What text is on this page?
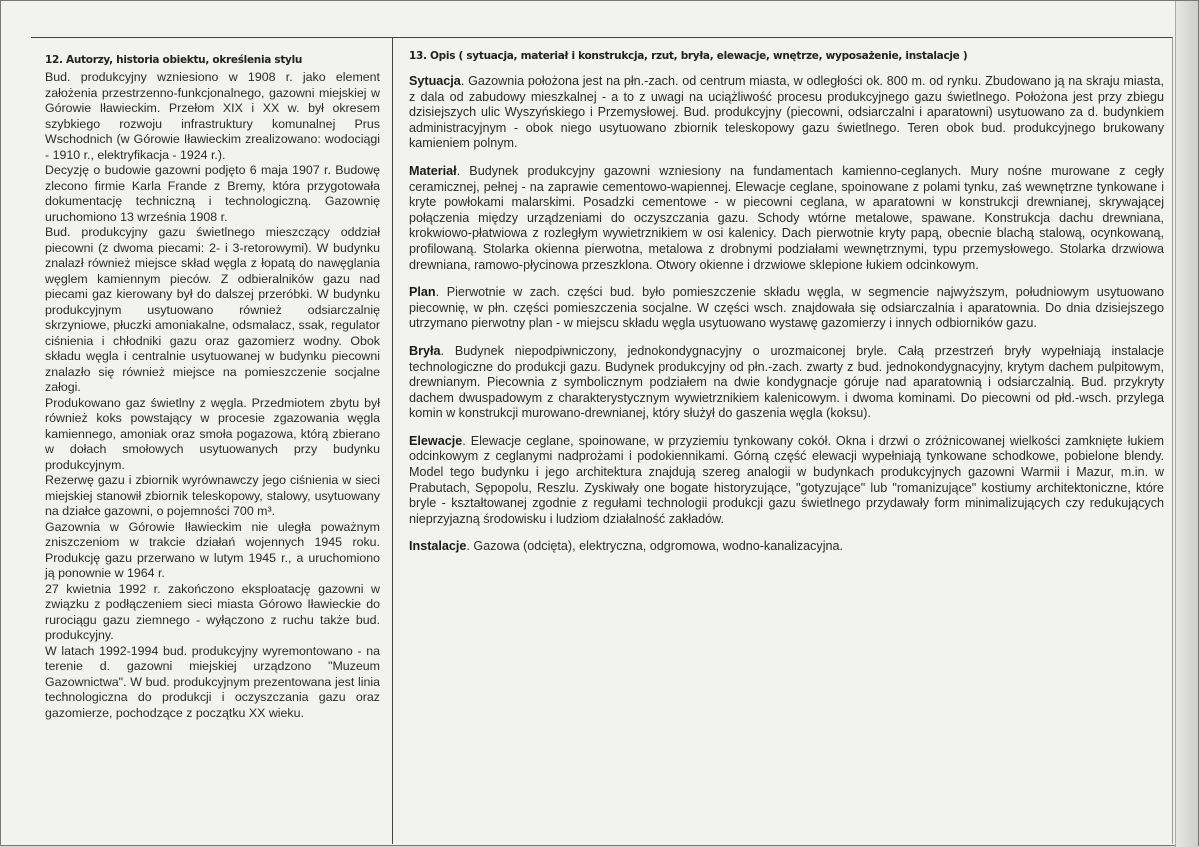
12. Autorzy, historia obiektu, określenia stylu

Bud. produkcyjny wzniesiono w 1908 r. jako element założenia przestrzenno-funkcjonalnego, gazowni miejskiej w Górowie Iławieckim. Przełom XIX i XX w. był okresem szybkiego rozwoju infrastruktury komunalnej Prus Wschodnich (w Górowie Iławieckim zrealizowano: wodociągi - 1910 r., elektryfikacja - 1924 r.).

Decyzję o budowie gazowni podjęto 6 maja 1907 r. Budowę zlecono firmie Karla Frande z Bremy, która przygotowała dokumentację techniczną i technologiczną. Gazownię uruchomiono 13 września 1908 r.

Bud. produkcyjny gazu świetlnego mieszczący oddział piecowni (z dwoma piecami: 2- i 3-retorowymi). W budynku znalazł również miejsce skład węgla z łopatą do nawęglania węglem kamiennym pieców. Z odbieralników gazu nad piecami gaz kierowany był do dalszej przeróbki. W budynku produkcyjnym usytuowano również odsiarczalnię skrzyniowe, płuczki amoniakalne, odsmalacz, ssak, regulator ciśnienia i chłodniki gazu oraz gazomierz wodny. Obok składu węgla i centralnie usytuowanej w budynku piecowni znalazło się również miejsce na pomieszczenie socjalne załogi.

Produkowano gaz świetlny z węgla. Przedmiotem zbytu był również koks powstający w procesie zgazowania węgla kamiennego, amoniak oraz smoła pogazowa, którą zbierano w dołach smołowych usytuowanych przy budynku produkcyjnym.

Rezerwę gazu i zbiornik wyrównawczy jego ciśnienia w sieci miejskiej stanowił zbiornik teleskopowy, stalowy, usytuowany na działce gazowni, o pojemności 700 m³.

Gazownia w Górowie Iławieckim nie uległa poważnym zniszczeniom w trakcie działań wojennych 1945 roku. Produkcję gazu przerwano w lutym 1945 r., a uruchomiono ją ponownie w 1964 r.

27 kwietnia 1992 r. zakończono eksploatację gazowni w związku z podłączeniem sieci miasta Górowo Iławieckie do rurociągu gazu ziemnego - wyłączono z ruchu także bud. produkcyjny.

W latach 1992-1994 bud. produkcyjny wyremontowano - na terenie d. gazowni miejskiej urządzono "Muzeum Gazownictwa". W bud. produkcyjnym prezentowana jest linia technologiczna do produkcji i oczyszczania gazu oraz gazomierze, pochodzące z początku XX wieku.

13. Opis ( sytuacja, materiał i konstrukcja, rzut, bryła, elewacje, wnętrze, wyposażenie, instalacje )
Sytuacja. Gazownia położona jest na płn.-zach. od centrum miasta, w odległości ok. 800 m. od rynku. Zbudowano ją na skraju miasta, z dala od zabudowy mieszkalnej - a to z uwagi na uciążliwość procesu produkcyjnego gazu świetlnego. Położona jest przy zbiegu dzisiejszych ulic Wyszyńskiego i Przemysłowej. Bud. produkcyjny (piecowni, odsiarczalni i aparatowni) usytuowano za d. budynkiem administracyjnym - obok niego usytuowano zbiornik teleskopowy gazu świetlnego. Teren obok bud. produkcyjnego brukowany kamieniem polnym.
Materiał. Budynek produkcyjny gazowni wzniesiony na fundamentach kamienno-ceglanych. Mury nośne murowane z cegły ceramicznej, pełnej - na zaprawie cementowo-wapiennej. Elewacje ceglane, spoinowane z polami tynku, zaś wewnętrzne tynkowane i kryte powłokami malarskimi. Posadzki cementowe - w piecowni ceglana, w aparatowni w konstrukcji drewnianej, skrywającej połączenia między urządzeniami do oczyszczania gazu. Schody wtórne metalowe, spawane. Konstrukcja dachu drewniana, krokwiowo-płatwiowa z rozległym wywietrznikiem w osi kalenicy. Dach pierwotnie kryty papą, obecnie blachą stalową, ocynkowaną, profilowaną. Stolarka okienna pierwotna, metalowa z drobnymi podziałami wewnętrznymi, typu przemysłowego. Stolarka drzwiowa drewniana, ramowo-płycinowa przeszklona. Otwory okienne i drzwiowe sklepione łukiem odcinkowym.
Plan. Pierwotnie w zach. części bud. było pomieszczenie składu węgla, w segmencie najwyższym, południowym usytuowano piecownię, w płn. części pomieszczenia socjalne. W części wsch. znajdowała się odsiarczalnia i aparatownia. Do dnia dzisiejszego utrzymano pierwotny plan - w miejscu składu węgla usytuowano wystawę gazomierzy i innych odbiorników gazu.
Bryła. Budynek niepodpiwniczony, jednokondygnacyjny o urozmaiconej bryle. Całą przestrzeń bryły wypełniają instalacje technologiczne do produkcji gazu. Budynek produkcyjny od płn.-zach. zwarty z bud. jednokondygnacyjny, krytym dachem pulpitowym, drewnianym. Piecownia z symbolicznym podziałem na dwie kondygnacje góruje nad aparatownią i odsiarczalnią. Bud. przykryty dachem dwuspadowym z charakterystycznym wywietrznikiem kalenicowym. i dwoma kominami. Do piecowni od płd.-wsch. przylega komin w konstrukcji murowano-drewnianej, który służył do gaszenia węgla (koksu).
Elewacje. Elewacje ceglane, spoinowane, w przyziemiu tynkowany cokół. Okna i drzwi o zróżnicowanej wielkości zamknięte łukiem odcinkowym z ceglanymi nadprożami i podokiennikami. Górną część elewacji wypełniają tynkowane schodkowe, pobielone blendy. Model tego budynku i jego architektura znajdują szereg analogii w budynkach produkcyjnych gazowni Warmii i Mazur, m.in. w Prabutach, Sępopolu, Reszlu. Zyskiwały one bogate historyzujące, "gotyzujące" lub "romanizujące" kostiumy architektoniczne, które bryle - kształtowanej zgodnie z regułami technologii produkcji gazu świetlnego przydawały form minimalizujących czy redukujących nieprzyjazną środowisku i ludziom działalność zakładów.
Instalacje. Gazowa (odcięta), elektryczna, odgromowa, wodno-kanalizacyjna.
